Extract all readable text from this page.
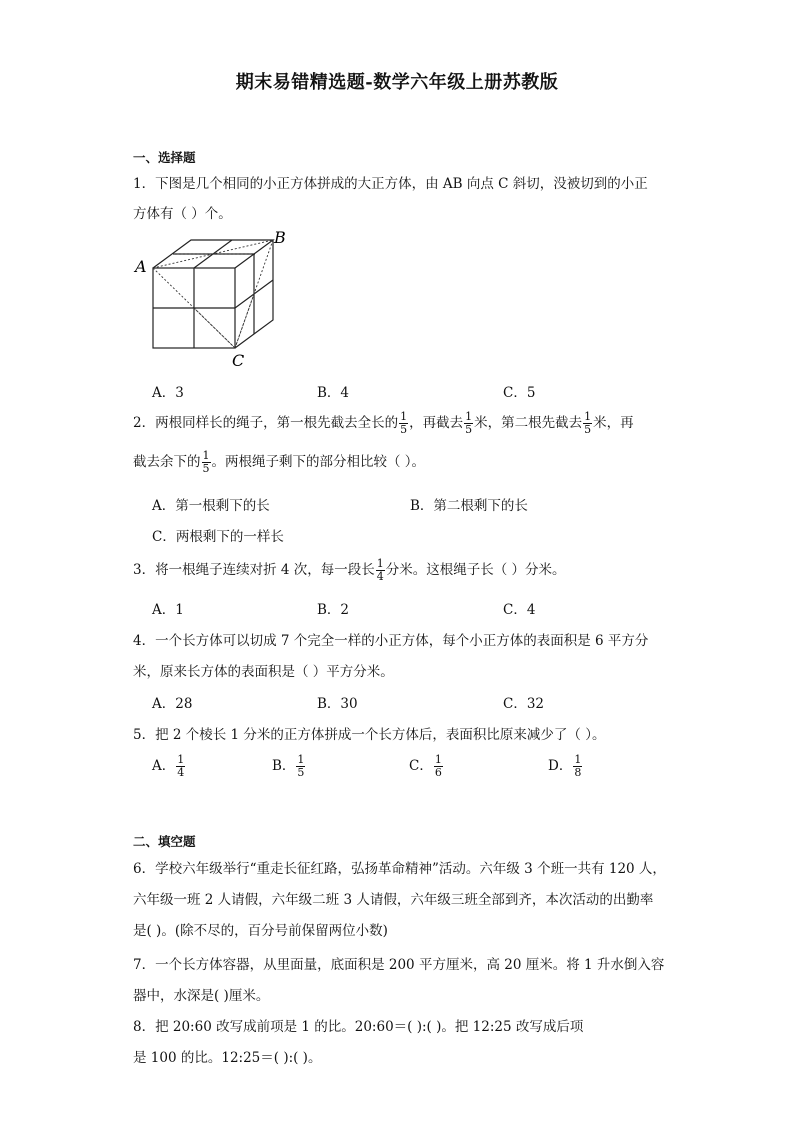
期末易错精选题-数学六年级上册苏教版
一、选择题
1．下图是几个相同的小正方体拼成的大正方体，由 AB 向点 C 斜切，没被切到的小正
方体有（ ）个。
A
B
C
A．3	B．4	C．5
2．两根同样长的绳子，第一根先截去全长的 $\frac{1}{5}$ ，再截去 $\frac{1}{5}$ 米，第二根先截去 $\frac{1}{5}$ 米，再
截去余下的 $\frac{1}{5}$ 。两根绳子剩下的部分相比较（ ）。
A．第一根剩下的长	B．第二根剩下的长
C．两根剩下的一样长
3．将一根绳子连续对折 4 次，每一段长 $\frac{1}{4}$ 分米。这根绳子长（ ）分米。
A．1	B．2	C．4
4．一个长方体可以切成 7 个完全一样的小正方体，每个小正方体的表面积是 6 平方分
米，原来长方体的表面积是（ ）平方分米。
A．28	B．30	C．32
5．把 2 个棱长 1 分米的正方体拼成一个长方体后，表面积比原来减少了（ ）。
A． $\frac{1}{4}$	B． $\frac{1}{5}$	C． $\frac{1}{6}$	D． $\frac{1}{8}$
二、填空题
6．学校六年级举行“重走长征红路，弘扬革命精神”活动。六年级 3 个班一共有 120 人，
六年级一班 2 人请假，六年级二班 3 人请假，六年级三班全部到齐，本次活动的出勤率
是( )。(除不尽的，百分号前保留两位小数)
7．一个长方体容器，从里面量，底面积是 200 平方厘米，高 20 厘米。将 1 升水倒入容
器中，水深是( )厘米。
8．把 20:60 改写成前项是 1 的比。20:60＝( ):( )。把 12:25 改写成后项
是 100 的比。12:25＝( ):( )。
